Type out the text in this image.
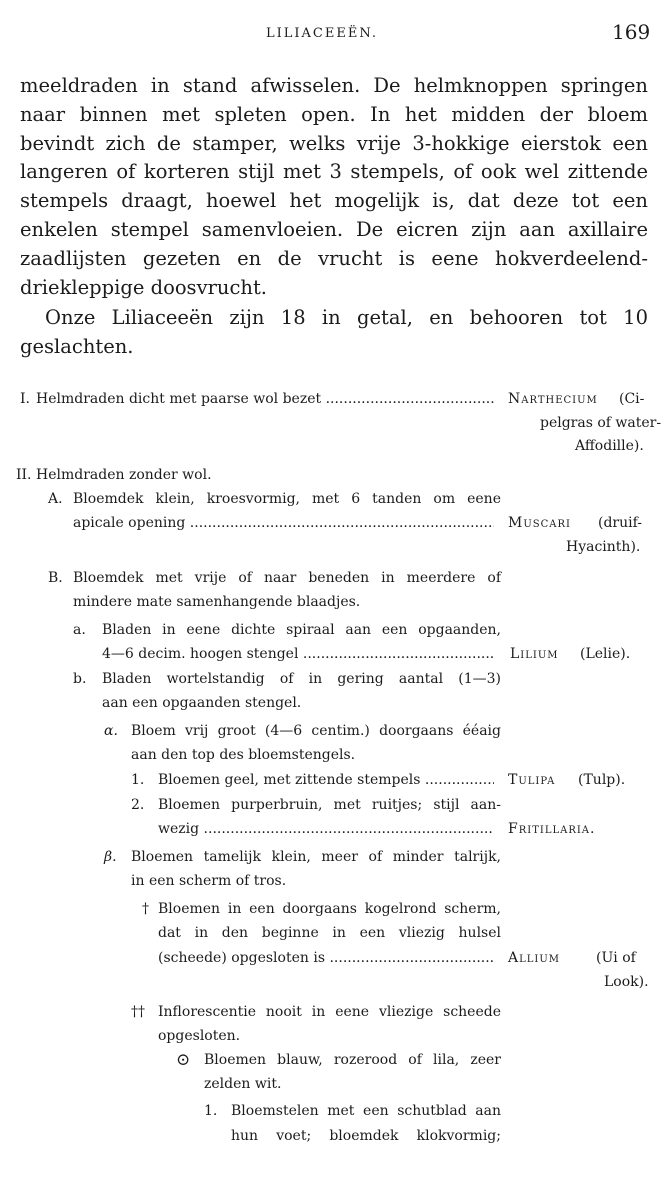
LILIACEEËN.	169

meeldraden in stand afwisselen. De helmknoppen springen naar binnen met spleten open. In het midden der bloem bevindt zich de stamper, welks vrije 3-hokkige eierstok een langeren of korteren stijl met 3 stempels, of ook wel zittende stempels draagt, hoewel het mogelijk is, dat deze tot een enkelen stempel samenvloeien. De eicren zijn aan axillaire zaadlijsten gezeten en de vrucht is eene hokverdeelend-driekleppige doosvrucht.

Onze Liliaceeën zijn 18 in getal, en behooren tot 10 geslachten.

I. Helmdraden dicht met paarse wol bezet .....	Narthecium (Ci-
pelgras of water-
Affodille).
II. Helmdraden zonder wol.
A. Bloemdek klein, kroesvormig, met 6 tanden om eene
apicale opening .....	Muscari (druif-
Hyacinth).
B. Bloemdek met vrije of naar beneden in meerdere of
mindere mate samenhangende blaadjes.
a. Bladen in eene dichte spiraal aan een opgaanden,
4—6 decim. hoogen stengel .....	Lilium (Lelie).
b. Bladen wortelstandig of in gering aantal (1—3)
aan een opgaanden stengel.
α. Bloem vrij groot (4—6 centim.) doorgaans ééaig
aan den top des bloemstengels.
1. Bloemen geel, met zittende stempels .....	Tulipa (Tulp).
2. Bloemen purperbruin, met ruitjes; stijl aan-
wezig .....	Fritillaria.
β. Bloemen tamelijk klein, meer of minder talrijk,
in een scherm of tros.
† Bloemen in een doorgaans kogelrond scherm,
dat in den beginne in een vliezig hulsel
(scheede) opgesloten is .....	Allium	(Ui of
Look).
†† Inflorescentie nooit in eene vliezige scheede
opgesloten.
⊙ Bloemen blauw, rozerood of lila, zeer
zelden wit.
1. Bloemstelen met een schutblad aan
hun voet; bloemdek klokvormig;
